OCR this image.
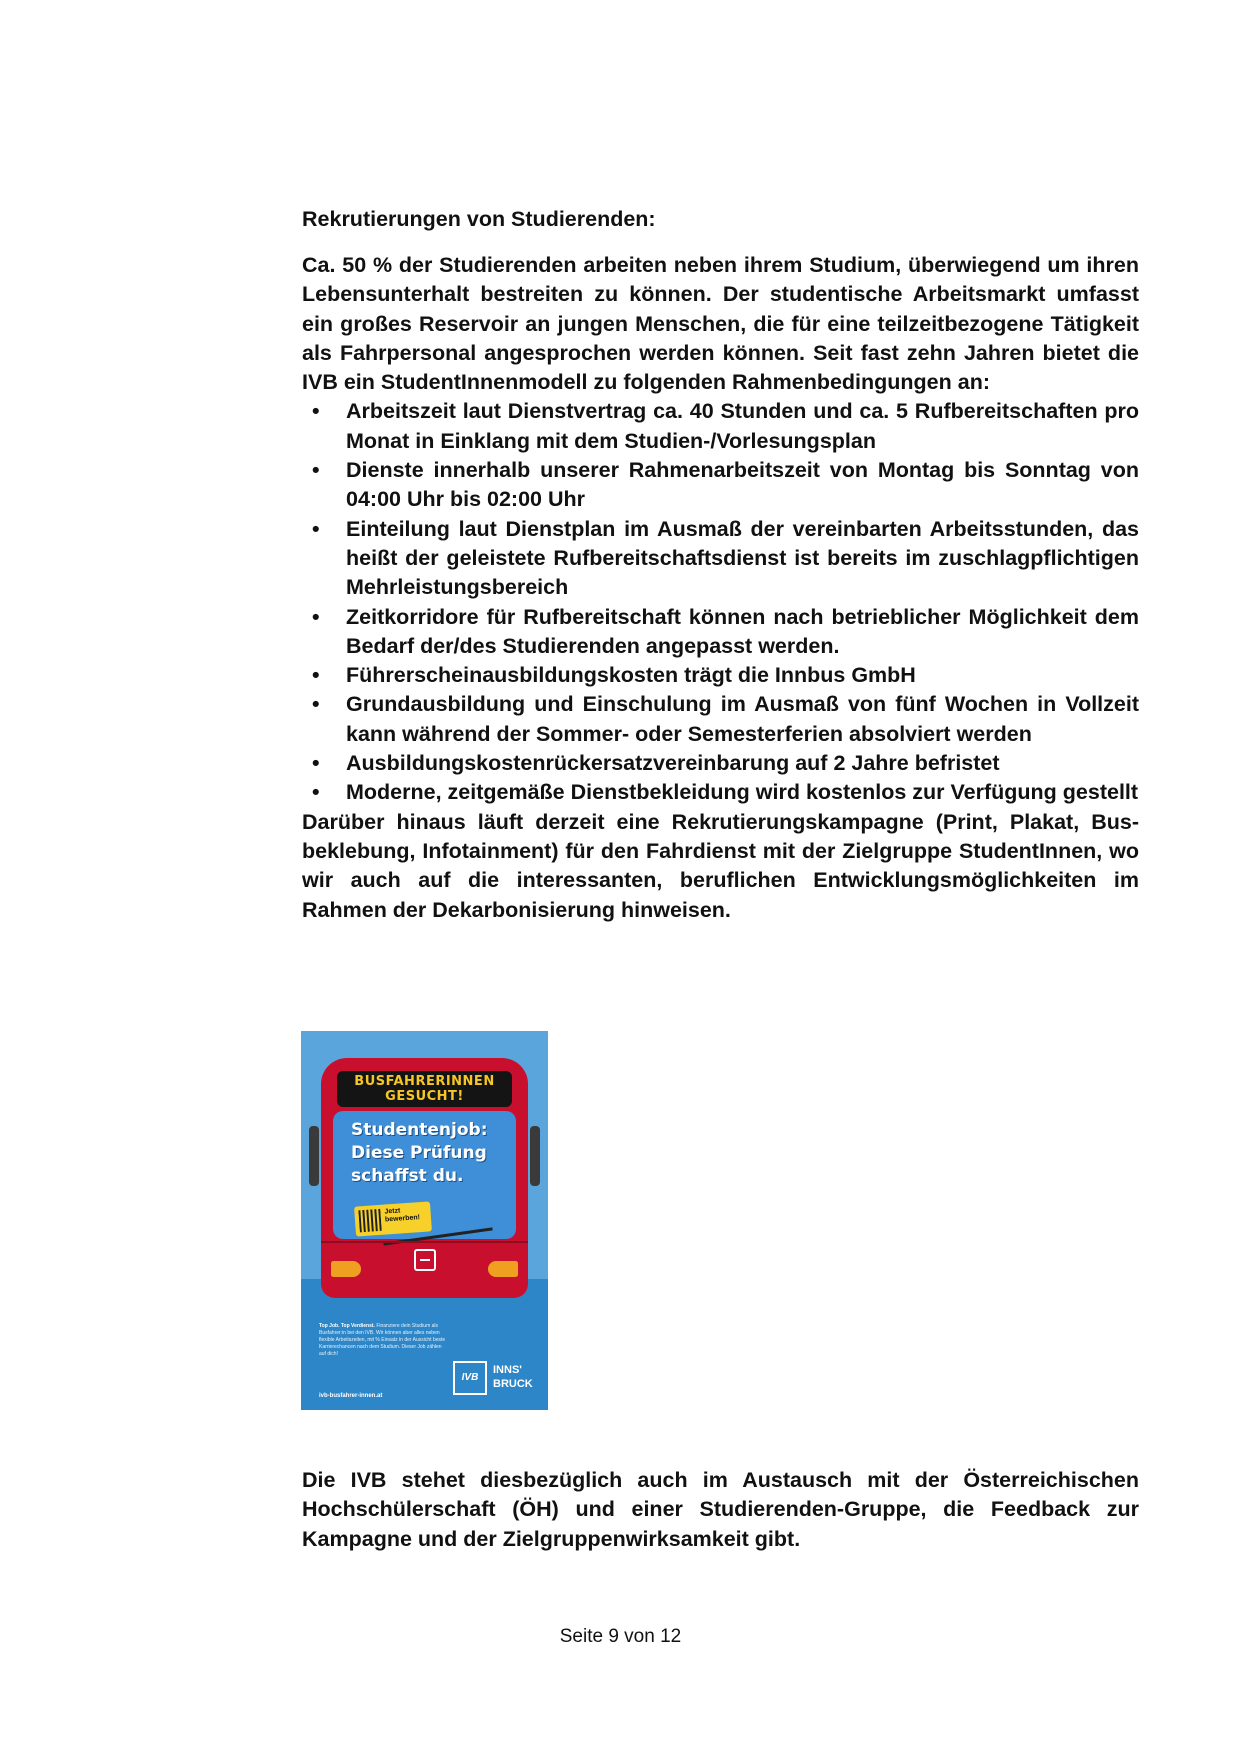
Rekrutierungen von Studierenden:

Ca. 50 % der Studierenden arbeiten neben ihrem Studium, überwiegend um ihren Lebensunterhalt bestreiten zu können. Der studentische Arbeitsmarkt umfasst ein großes Reservoir an jungen Menschen, die für eine teilzeitbezogene Tätigkeit als Fahrpersonal angesprochen werden können. Seit fast zehn Jahren bietet die IVB ein StudentInnenmodell zu folgenden Rahmenbedingungen an:

• Arbeitszeit laut Dienstvertrag ca. 40 Stunden und ca. 5 Rufbereitschaften pro Monat in Einklang mit dem Studien-/Vorlesungsplan
• Dienste innerhalb unserer Rahmenarbeitszeit von Montag bis Sonntag von 04:00 Uhr bis 02:00 Uhr
• Einteilung laut Dienstplan im Ausmaß der vereinbarten Arbeitsstunden, das heißt der geleistete Rufbereitschaftsdienst ist bereits im zuschlagpflichtigen Mehrleistungsbereich
• Zeitkorridore für Rufbereitschaft können nach betrieblicher Möglichkeit dem Bedarf der/des Studierenden angepasst werden.
• Führerscheinausbildungskosten trägt die Innbus GmbH
• Grundausbildung und Einschulung im Ausmaß von fünf Wochen in Vollzeit kann während der Sommer- oder Semesterferien absolviert werden
• Ausbildungskostenrückersatzvereinbarung auf 2 Jahre befristet
• Moderne, zeitgemäße Dienstbekleidung wird kostenlos zur Verfügung gestellt

Darüber hinaus läuft derzeit eine Rekrutierungskampagne (Print, Plakat, Busbeklebung, Infotainment) für den Fahrdienst mit der Zielgruppe StudentInnen, wo wir auch auf die interessanten, beruflichen Entwicklungsmöglichkeiten im Rahmen der Dekarbonisierung hinweisen.

BUSFAHRERINNEN GESUCHT!
Studentenjob: Diese Prüfung schaffst du.
Jetzt bewerben!
Top Job. Top Verdienst. Finanziere dein Studium als Busfahrer:in bei den IVB. Wir können aber alles neben flexible Arbeitszeiten, mit % Einsatz in der Aussicht beste Karrierechancen nach dem Studium. Dieser Job zählen auf dich!
ivb-busfahrer-innen.at
IVB
INNS' BRUCK

Die IVB stehet diesbezüglich auch im Austausch mit der Österreichischen Hochschülerschaft (ÖH) und einer Studierenden-Gruppe, die Feedback zur Kampagne und der Zielgruppenwirksamkeit gibt.

Seite 9 von 12
